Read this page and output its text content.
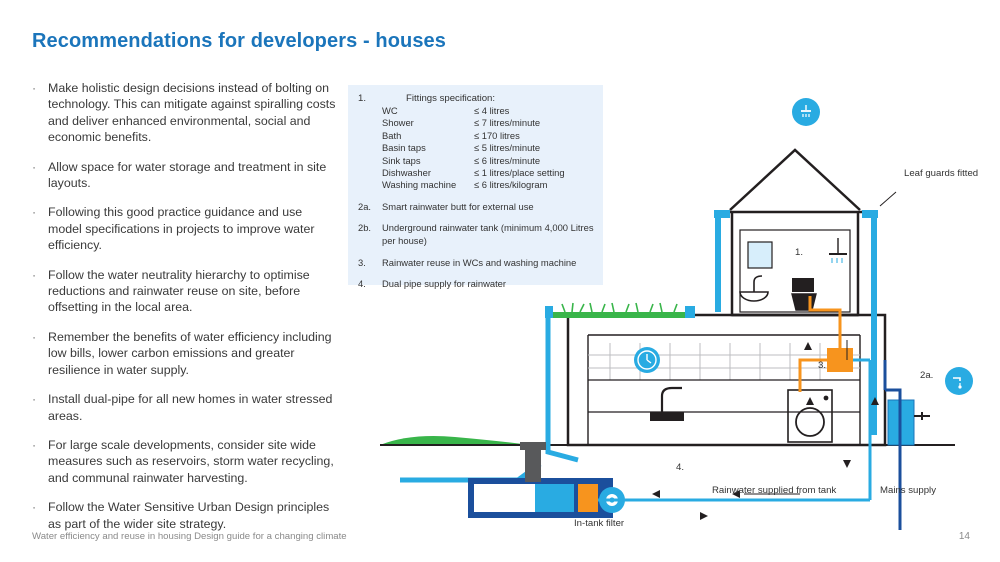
Recommendations for developers - houses
· Make holistic design decisions instead of bolting on technology. This can mitigate against spiralling costs and deliver enhanced environmental, social and economic benefits.
· Allow space for water storage and treatment in site layouts.
· Following this good practice guidance and use model specifications in projects to improve water efficiency.
· Follow the water neutrality hierarchy to optimise reductions and rainwater reuse on site, before offsetting in the local area.
· Remember the benefits of water efficiency including low bills, lower carbon emissions and greater resilience in water supply.
· Install dual-pipe for all new homes in water stressed areas.
· For large scale developments, consider site wide measures such as reservoirs, storm water recycling, and communal rainwater harvesting.
· Follow the Water Sensitive Urban Design principles as part of the wider site strategy.
1.	Fittings specification:
WC	≤ 4 litres
Shower	≤ 7 litres/minute
Bath	≤ 170 litres
Basin taps	≤ 5 litres/minute
Sink taps	≤ 6 litres/minute
Dishwasher	≤ 1 litres/place setting
Washing machine ≤ 6 litres/kilogram
2a. Smart rainwater butt for external use
2b. Underground rainwater tank (minimum 4,000 Litres per house)
3. Rainwater reuse in WCs and washing machine
4. Dual pipe supply for rainwater
Leaf guards fitted
1.
2a.
2b.
3.
4.
In-tank filter
Rainwater supplied from tank	Mains supply
Water efficiency and reuse in housing Design guide for a changing climate	14
